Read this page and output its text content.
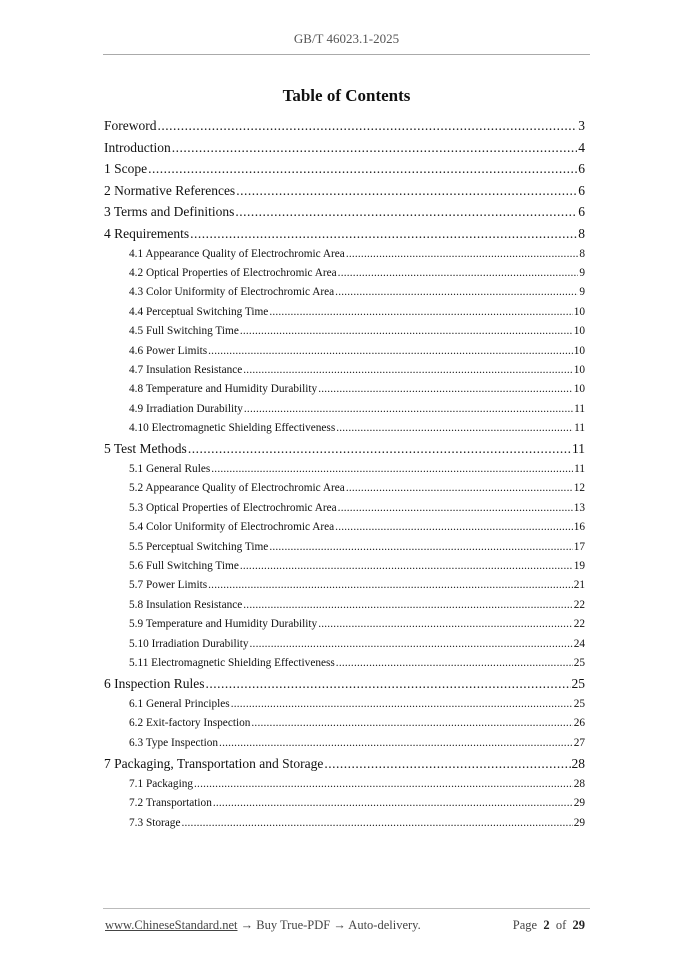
GB/T 46023.1-2025
Table of Contents
Foreword .....	3
Introduction .....	4
1 Scope .....	6
2 Normative References .....	6
3 Terms and Definitions .....	6
4 Requirements .....	8
4.1 Appearance Quality of Electrochromic Area .....	8
4.2 Optical Properties of Electrochromic Area .....	9
4.3 Color Uniformity of Electrochromic Area .....	9
4.4 Perceptual Switching Time .....	10
4.5 Full Switching Time .....	10
4.6 Power Limits .....	10
4.7 Insulation Resistance .....	10
4.8 Temperature and Humidity Durability .....	10
4.9 Irradiation Durability .....	11
4.10 Electromagnetic Shielding Effectiveness .....	11
5 Test Methods .....	11
5.1 General Rules .....	11
5.2 Appearance Quality of Electrochromic Area .....	12
5.3 Optical Properties of Electrochromic Area .....	13
5.4 Color Uniformity of Electrochromic Area .....	16
5.5 Perceptual Switching Time .....	17
5.6 Full Switching Time .....	19
5.7 Power Limits .....	21
5.8 Insulation Resistance .....	22
5.9 Temperature and Humidity Durability .....	22
5.10 Irradiation Durability .....	24
5.11 Electromagnetic Shielding Effectiveness .....	25
6 Inspection Rules .....	25
6.1 General Principles .....	25
6.2 Exit-factory Inspection .....	26
6.3 Type Inspection .....	27
7 Packaging, Transportation and Storage .....	28
7.1 Packaging .....	28
7.2 Transportation .....	29
7.3 Storage .....	29
www.ChineseStandard.net → Buy True-PDF → Auto-delivery.	Page 2 of 29
